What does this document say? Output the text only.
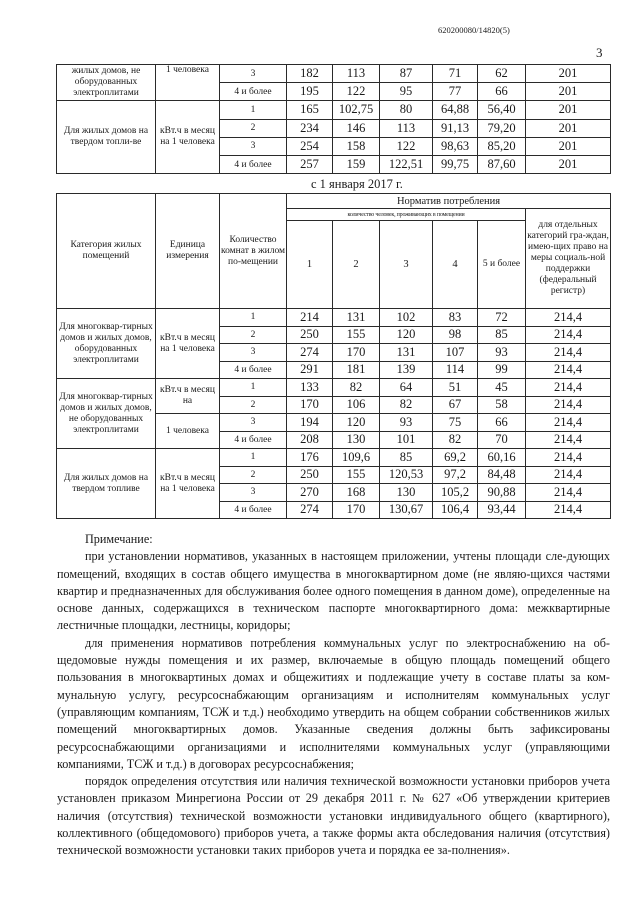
620200080/14820(5)
3
жилых домов, не оборудованных электроплитами	1 человека	3	182	113	87	71	62	201
		4 и более	195	122	95	77	66	201
Для жилых домов на твердом топли-ве	кВт.ч в месяц на 1 человека	1	165	102,75	80	64,88	56,40	201
		2	234	146	113	91,13	79,20	201
		3	254	158	122	98,63	85,20	201
		4 и более	257	159	122,51	99,75	87,60	201
с 1 января 2017 г.
Категория жилых помещений	Единица измерения	Количество комнат в жилом по-мещении	Норматив потребления					
			количество человек, проживающих в помещении					для отдельных категорий гра-ждан, имею-щих право на меры социаль-ной поддержки (федеральный регистр)
			1	2	3	4	5 и более	
Для многоквар-тирных домов и жилых домов, оборудованных электроплитами	кВт.ч в месяц на 1 человека	1	214	131	102	83	72	214,4
		2	250	155	120	98	85	214,4
		3	274	170	131	107	93	214,4
		4 и более	291	181	139	114	99	214,4
Для многоквар-тирных домов и жилых домов, не оборудованных электроплитами	кВт.ч в месяц на	1	133	82	64	51	45	214,4
		2	170	106	82	67	58	214,4
	1 человека	3	194	120	93	75	66	214,4
		4 и более	208	130	101	82	70	214,4
Для жилых домов на твердом топливе	кВт.ч в месяц на 1 человека	1	176	109,6	85	69,2	60,16	214,4
		2	250	155	120,53	97,2	84,48	214,4
		3	270	168	130	105,2	90,88	214,4
		4 и более	274	170	130,67	106,4	93,44	214,4

Примечание:

при установлении нормативов, указанных в настоящем приложении, учтены площади сле-дующих помещений, входящих в состав общего имущества в многоквартирном доме (не являю-щихся частями квартир и предназначенных для обслуживания более одного помещения в данном доме), определенные на основе данных, содержащихся в техническом паспорте многоквартирного дома: межквартирные лестничные площадки, лестницы, коридоры;

для применения нормативов потребления коммунальных услуг по электроснабжению на об-щедомовые нужды помещения и их размер, включаемые в общую площадь помещений общего пользования в многоквартиных домах и общежитиях и подлежащие учету в составе платы за ком-мунальную услугу, ресурсоснабжающим организациям и исполнителям коммунальных услуг (управляющим компаниям, ТСЖ и т.д.) необходимо утвердить на общем собрании собственников жилых помещений многоквартирных домов. Указанные сведения должны быть зафиксированы ресурсоснабжающими организациями и исполнителями коммунальных услуг (управляющими компаниями, ТСЖ и т.д.) в договорах ресурсоснабжения;

порядок определения отсутствия или наличия технической возможности установки приборов учета установлен приказом Минрегиона России от 29 декабря 2011 г. № 627 «Об утверждении критериев наличия (отсутствия) технической возможности установки индивидуального общего (квартирного), коллективного (общедомового) приборов учета, а также формы акта обследования наличия (отсутствия) технической возможности установки таких приборов учета и порядка ее за-полнения».
